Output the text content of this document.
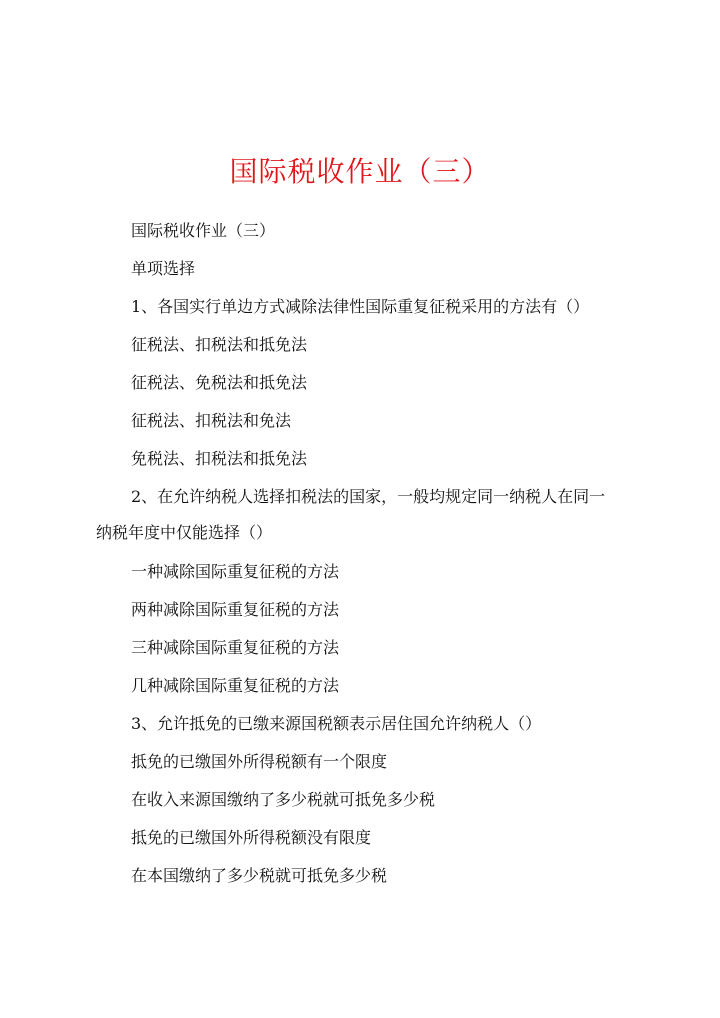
国际税收作业（三）
国际税收作业（三）
单项选择
1、各国实行单边方式减除法律性国际重复征税采用的方法有（）
征税法、扣税法和抵免法
征税法、免税法和抵免法
征税法、扣税法和免法
免税法、扣税法和抵免法
2、在允许纳税人选择扣税法的国家，一般均规定同一纳税人在同一
纳税年度中仅能选择（）
一种减除国际重复征税的方法
两种减除国际重复征税的方法
三种减除国际重复征税的方法
几种减除国际重复征税的方法
3、允许抵免的已缴来源国税额表示居住国允许纳税人（）
抵免的已缴国外所得税额有一个限度
在收入来源国缴纳了多少税就可抵免多少税
抵免的已缴国外所得税额没有限度
在本国缴纳了多少税就可抵免多少税
